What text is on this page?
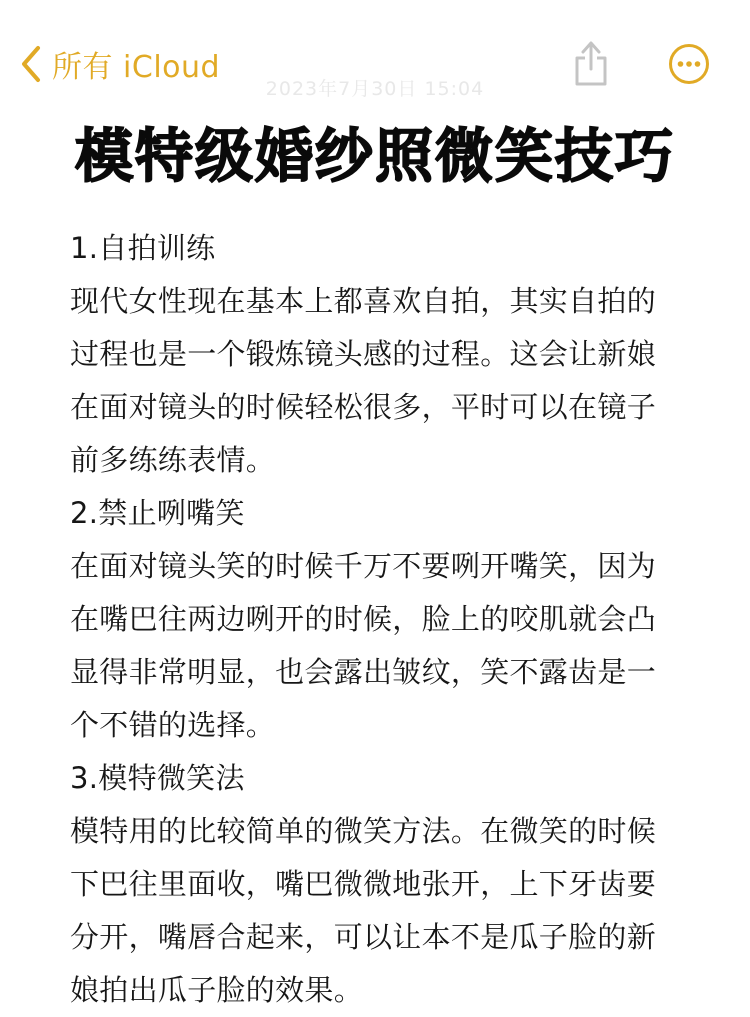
所有 iCloud
2023年7月30日 15:04
模特级婚纱照微笑技巧
1.自拍训练
现代女性现在基本上都喜欢自拍，其实自拍的
过程也是一个锻炼镜头感的过程。这会让新娘
在面对镜头的时候轻松很多，平时可以在镜子
前多练练表情。
2.禁止咧嘴笑
在面对镜头笑的时候千万不要咧开嘴笑，因为
在嘴巴往两边咧开的时候，脸上的咬肌就会凸
显得非常明显，也会露出皱纹，笑不露齿是一
个不错的选择。
3.模特微笑法
模特用的比较简单的微笑方法。在微笑的时候
下巴往里面收，嘴巴微微地张开，上下牙齿要
分开，嘴唇合起来，可以让本不是瓜子脸的新
娘拍出瓜子脸的效果。
